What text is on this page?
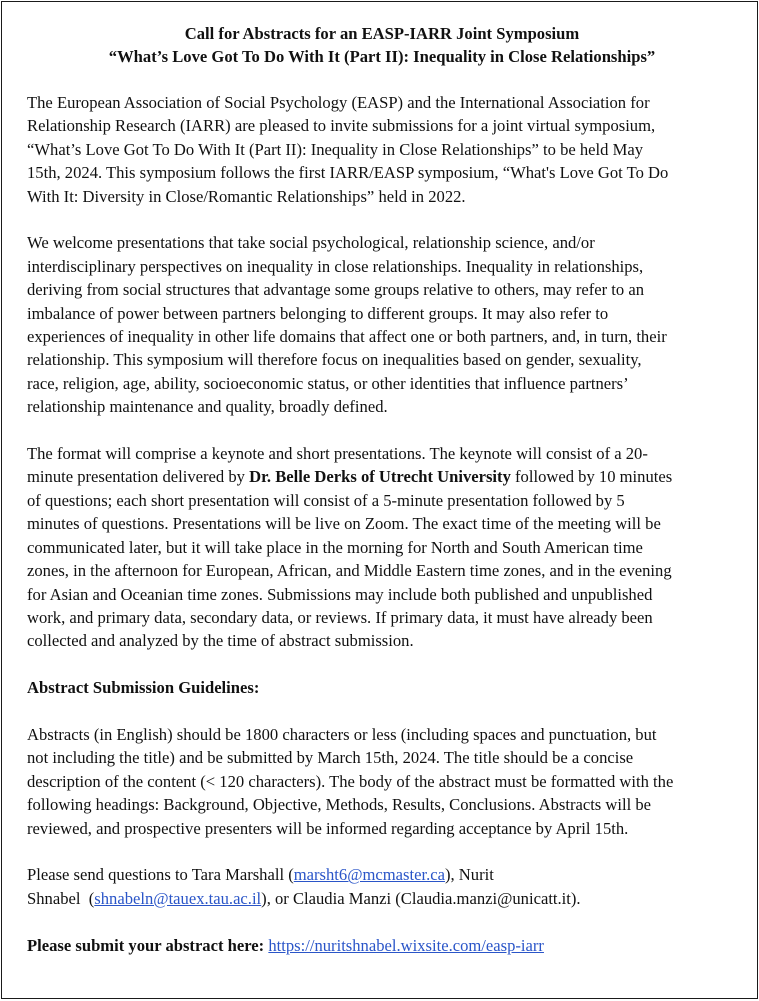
Call for Abstracts for an EASP-IARR Joint Symposium
“What’s Love Got To Do With It (Part II): Inequality in Close Relationships”

The European Association of Social Psychology (EASP) and the International Association for
Relationship Research (IARR) are pleased to invite submissions for a joint virtual symposium,
“What’s Love Got To Do With It (Part II): Inequality in Close Relationships” to be held May
15th, 2024. This symposium follows the first IARR/EASP symposium, “What's Love Got To Do
With It: Diversity in Close/Romantic Relationships” held in 2022.

We welcome presentations that take social psychological, relationship science, and/or
interdisciplinary perspectives on inequality in close relationships. Inequality in relationships,
deriving from social structures that advantage some groups relative to others, may refer to an
imbalance of power between partners belonging to different groups. It may also refer to
experiences of inequality in other life domains that affect one or both partners, and, in turn, their
relationship. This symposium will therefore focus on inequalities based on gender, sexuality,
race, religion, age, ability, socioeconomic status, or other identities that influence partners’
relationship maintenance and quality, broadly defined.

The format will comprise a keynote and short presentations. The keynote will consist of a 20-
minute presentation delivered by Dr. Belle Derks of Utrecht University followed by 10 minutes
of questions; each short presentation will consist of a 5-minute presentation followed by 5
minutes of questions. Presentations will be live on Zoom. The exact time of the meeting will be
communicated later, but it will take place in the morning for North and South American time
zones, in the afternoon for European, African, and Middle Eastern time zones, and in the evening
for Asian and Oceanian time zones. Submissions may include both published and unpublished
work, and primary data, secondary data, or reviews. If primary data, it must have already been
collected and analyzed by the time of abstract submission.

Abstract Submission Guidelines:

Abstracts (in English) should be 1800 characters or less (including spaces and punctuation, but
not including the title) and be submitted by March 15th, 2024. The title should be a concise
description of the content (< 120 characters). The body of the abstract must be formatted with the
following headings: Background, Objective, Methods, Results, Conclusions. Abstracts will be
reviewed, and prospective presenters will be informed regarding acceptance by April 15th.

Please send questions to Tara Marshall (marsht6@mcmaster.ca), Nurit
Shnabel  (shnabeln@tauex.tau.ac.il), or Claudia Manzi (Claudia.manzi@unicatt.it).

Please submit your abstract here: https://nuritshnabel.wixsite.com/easp-iarr
